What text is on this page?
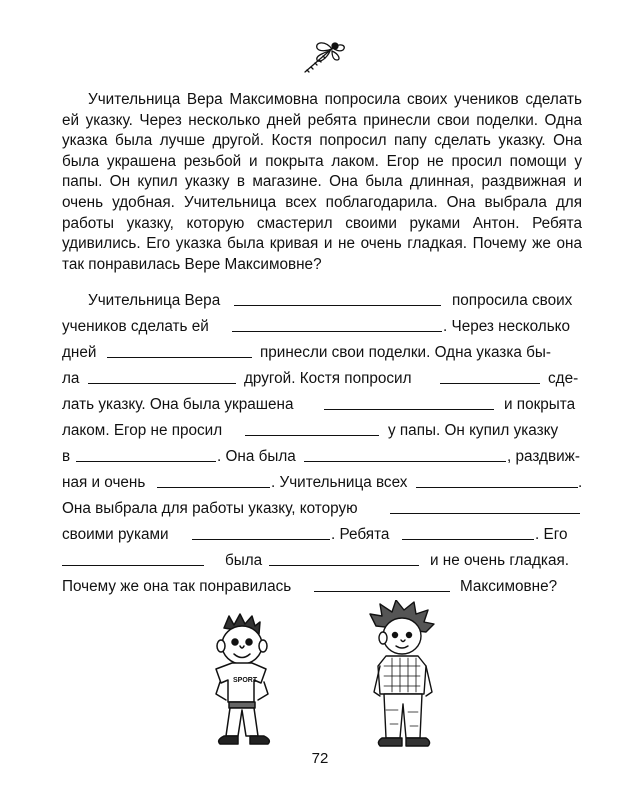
Учительница Вера Максимовна попросила своих учеников сделать ей указку. Через несколько дней ребята принесли свои поделки. Одна указка была лучше другой. Костя попросил папу сделать указку. Она была украшена резьбой и покрыта лаком. Егор не просил помощи у папы. Он купил указку в магазине. Она была длинная, раздвижная и очень удобная. Учительница всех поблагодарила. Она выбрала для работы указку, которую смастерил своими руками Антон. Ребята удивились. Его указка была кривая и не очень гладкая. Почему же она так понравилась Вере Максимовне?

Учительница Вера	попросила своих
учеников сделать ей	. Через несколько
дней	принесли свои поделки. Одна указка бы-
ла	другой. Костя попросил	сде-
лать указку. Она была украшена	и покрыта
лаком. Егор не просил	у папы. Он купил указку
в	. Она была	, раздвиж-
ная и очень	. Учительница всех	.
Она выбрала для работы указку, которую
своими руками	. Ребята	. Его
была	и не очень гладкая.
Почему же она так понравилась	Максимовне?
SPORT
72
